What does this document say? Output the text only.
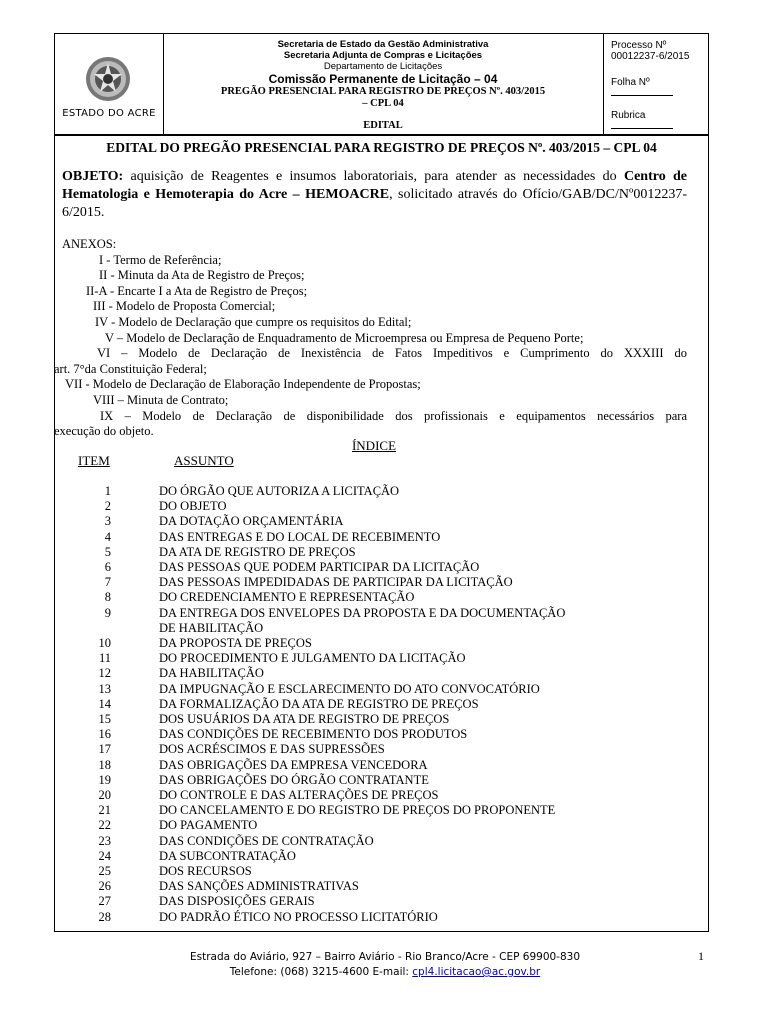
ESTADO DO ACRE
Secretaria de Estado da Gestão Administrativa
Secretaria Adjunta de Compras e Licitações
Departamento de Licitações
Comissão Permanente de Licitação – 04
PREGÃO PRESENCIAL PARA REGISTRO DE PREÇOS Nº. 403/2015
– CPL 04
EDITAL
Processo Nº 00012237-6/2015
Folha Nº
Rubrica
EDITAL DO PREGÃO PRESENCIAL PARA REGISTRO DE PREÇOS Nº. 403/2015 – CPL 04

OBJETO: aquisição de Reagentes e insumos laboratoriais, para atender as necessidades do Centro de Hematologia e Hemoterapia do Acre – HEMOACRE, solicitado através do Ofício/GAB/DC/Nº0012237-6/2015.

ANEXOS:
I - Termo de Referência;
II - Minuta da Ata de Registro de Preços;
II-A - Encarte I a Ata de Registro de Preços;
III - Modelo de Proposta Comercial;
IV - Modelo de Declaração que cumpre os requisitos do Edital;
V – Modelo de Declaração de Enquadramento de Microempresa ou Empresa de Pequeno Porte;
VI – Modelo de Declaração de Inexistência de Fatos Impeditivos e Cumprimento do XXXIII do
art. 7°da Constituição Federal;
VII - Modelo de Declaração de Elaboração Independente de Propostas;
VIII – Minuta de Contrato;
IX – Modelo de Declaração de disponibilidade dos profissionais e equipamentos necessários para
execução do objeto.
ÍNDICE
ITEM	ASSUNTO
1	DO ÓRGÃO QUE AUTORIZA A LICITAÇÃO
2	DO OBJETO
3	DA DOTAÇÃO ORÇAMENTÁRIA
4	DAS ENTREGAS E DO LOCAL DE RECEBIMENTO
5	DA ATA DE REGISTRO DE PREÇOS
6	DAS PESSOAS QUE PODEM PARTICIPAR DA LICITAÇÃO
7	DAS PESSOAS IMPEDIDADAS DE PARTICIPAR DA LICITAÇÃO
8	DO CREDENCIAMENTO E REPRESENTAÇÃO
9	DA ENTREGA DOS ENVELOPES DA PROPOSTA E DA DOCUMENTAÇÃO
DE HABILITAÇÃO
10	DA PROPOSTA DE PREÇOS
11	DO PROCEDIMENTO E JULGAMENTO DA LICITAÇÃO
12	DA HABILITAÇÃO
13	DA IMPUGNAÇÃO E ESCLARECIMENTO DO ATO CONVOCATÓRIO
14	DA FORMALIZAÇÃO DA ATA DE REGISTRO DE PREÇOS
15	DOS USUÁRIOS DA ATA DE REGISTRO DE PREÇOS
16	DAS CONDIÇÕES DE RECEBIMENTO DOS PRODUTOS
17	DOS ACRÉSCIMOS E DAS SUPRESSÕES
18	DAS OBRIGAÇÕES DA EMPRESA VENCEDORA
19	DAS OBRIGAÇÕES DO ÓRGÃO CONTRATANTE
20	DO CONTROLE E DAS ALTERAÇÕES DE PREÇOS
21	DO CANCELAMENTO E DO REGISTRO DE PREÇOS DO PROPONENTE
22	DO PAGAMENTO
23	DAS CONDIÇÕES DE CONTRATAÇÃO
24	DA SUBCONTRATAÇÃO
25	DOS RECURSOS
26	DAS SANÇÕES ADMINISTRATIVAS
27	DAS DISPOSIÇÕES GERAIS
28	DO PADRÃO ÉTICO NO PROCESSO LICITATÓRIO
Estrada do Aviário, 927 – Bairro Aviário - Rio Branco/Acre - CEP 69900-830
Telefone: (068) 3215-4600 E-mail: cpl4.licitacao@ac.gov.br
1
